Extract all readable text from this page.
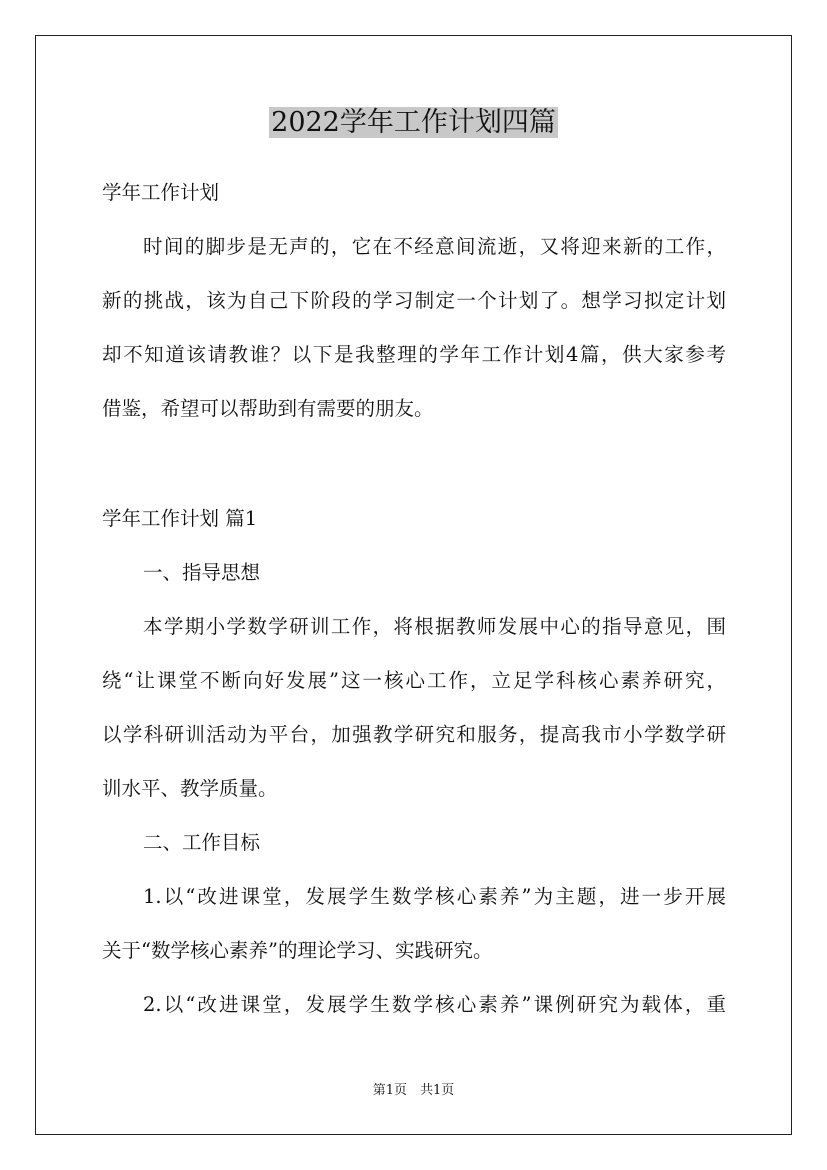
2022学年工作计划四篇
学年工作计划
时间的脚步是无声的，它在不经意间流逝，又将迎来新的工作，
新的挑战，该为自己下阶段的学习制定一个计划了。想学习拟定计划
却不知道该请教谁？以下是我整理的学年工作计划4篇，供大家参考
借鉴，希望可以帮助到有需要的朋友。
学年工作计划 篇1
一、指导思想
本学期小学数学研训工作，将根据教师发展中心的指导意见，围
绕“让课堂不断向好发展”这一核心工作，立足学科核心素养研究，
以学科研训活动为平台，加强教学研究和服务，提高我市小学数学研
训水平、教学质量。
二、工作目标
1.以“改进课堂，发展学生数学核心素养”为主题，进一步开展
关于“数学核心素养”的理论学习、实践研究。
2.以“改进课堂，发展学生数学核心素养”课例研究为载体，重
第1页　共1页
